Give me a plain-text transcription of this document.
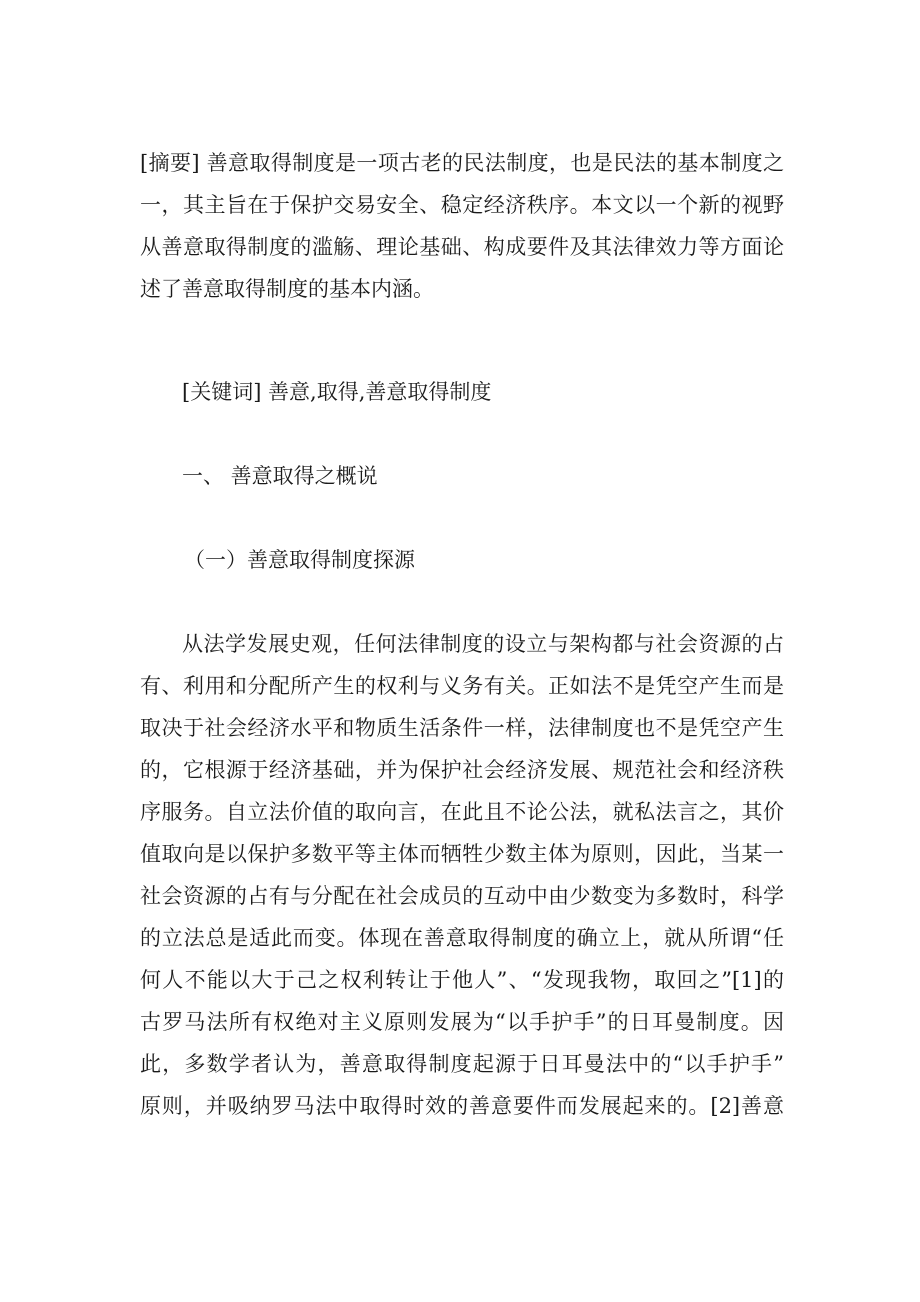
[摘要] 善意取得制度是一项古老的民法制度，也是民法的基本制度之
一，其主旨在于保护交易安全、稳定经济秩序。本文以一个新的视野
从善意取得制度的滥觞、理论基础、构成要件及其法律效力等方面论
述了善意取得制度的基本内涵。
[关键词] 善意,取得,善意取得制度
一、 善意取得之概说
（一）善意取得制度探源
从法学发展史观，任何法律制度的设立与架构都与社会资源的占
有、利用和分配所产生的权利与义务有关。正如法不是凭空产生而是
取决于社会经济水平和物质生活条件一样，法律制度也不是凭空产生
的，它根源于经济基础，并为保护社会经济发展、规范社会和经济秩
序服务。自立法价值的取向言，在此且不论公法，就私法言之，其价
值取向是以保护多数平等主体而牺牲少数主体为原则，因此，当某一
社会资源的占有与分配在社会成员的互动中由少数变为多数时，科学
的立法总是适此而变。体现在善意取得制度的确立上，就从所谓“任
何人不能以大于己之权利转让于他人”、“发现我物，取回之”[1]的
古罗马法所有权绝对主义原则发展为“以手护手”的日耳曼制度。因
此，多数学者认为，善意取得制度起源于日耳曼法中的“以手护手”
原则，并吸纳罗马法中取得时效的善意要件而发展起来的。[2]善意
